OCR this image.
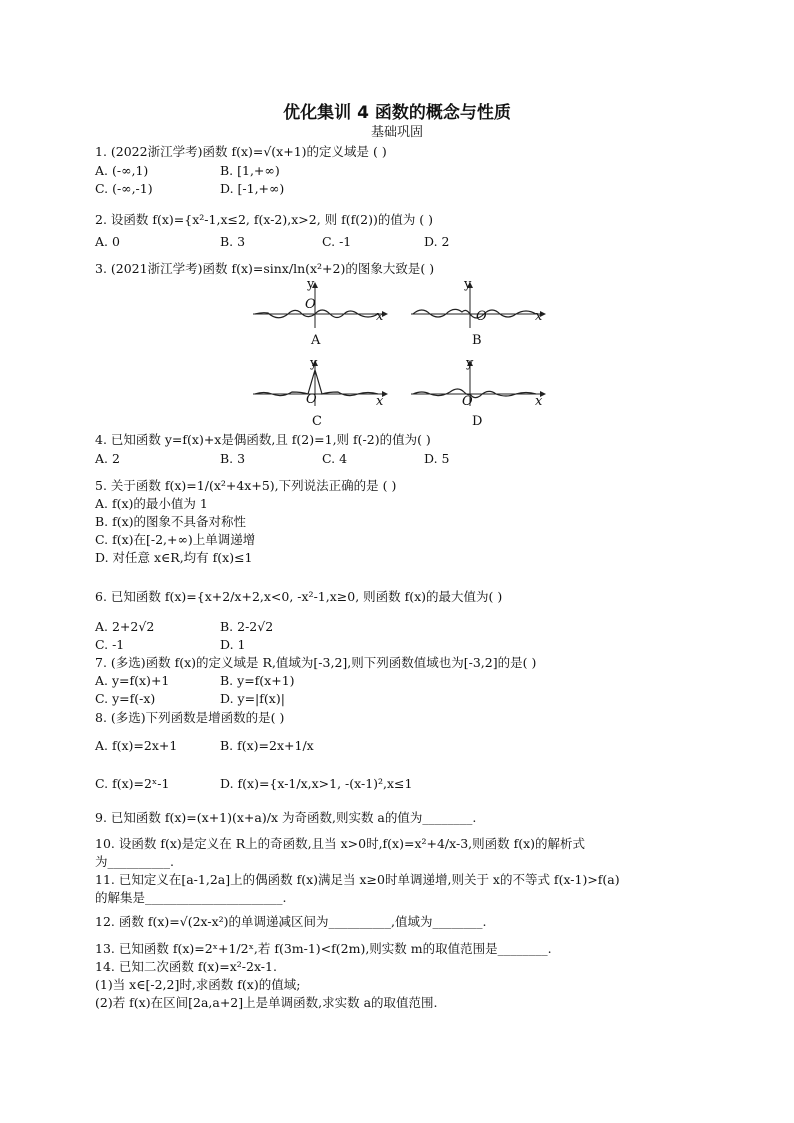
优化集训 4 函数的概念与性质
基础巩固
1. (2022浙江学考)函数 f(x)=√(x+1)的定义域是 ( )
A. (-∞,1)	B. [1,+∞)
C. (-∞,-1)	D. [-1,+∞)
2. 设函数 f(x)={x²-1,x≤2, f(x-2),x>2, 则 f(f(2))的值为 ( )
A. 0	B. 3	C. -1	D. 2
3. (2021浙江学考)函数 f(x)=sinx/ln(x²+2)的图象大致是( )
y
O
x
A
y
O	x
B
y
O	x
C
y
O	x
D
4. 已知函数 y=f(x)+x是偶函数,且 f(2)=1,则 f(-2)的值为( )
A. 2	B. 3	C. 4	D. 5
5. 关于函数 f(x)=1/(x²+4x+5),下列说法正确的是 ( )
A. f(x)的最小值为 1
B. f(x)的图象不具备对称性
C. f(x)在[-2,+∞)上单调递增
D. 对任意 x∈R,均有 f(x)≤1
6. 已知函数 f(x)={x+2/x+2,x<0, -x²-1,x≥0, 则函数 f(x)的最大值为( )
A. 2+2√2	B. 2-2√2
C. -1	D. 1
7. (多选)函数 f(x)的定义域是 R,值域为[-3,2],则下列函数值域也为[-3,2]的是( )
A. y=f(x)+1	B. y=f(x+1)
C. y=f(-x)	D. y=|f(x)|
8. (多选)下列函数是增函数的是( )
A. f(x)=2x+1	B. f(x)=2x+1/x
C. f(x)=2ˣ-1	D. f(x)={x-1/x,x>1, -(x-1)²,x≤1
9. 已知函数 f(x)=(x+1)(x+a)/x 为奇函数,则实数 a的值为________.
10. 设函数 f(x)是定义在 R上的奇函数,且当 x>0时,f(x)=x²+4/x-3,则函数 f(x)的解析式
为__________.
11. 已知定义在[a-1,2a]上的偶函数 f(x)满足当 x≥0时单调递增,则关于 x的不等式 f(x-1)>f(a)
的解集是______________________.
12. 函数 f(x)=√(2x-x²)的单调递减区间为__________,值域为________.
13. 已知函数 f(x)=2ˣ+1/2ˣ,若 f(3m-1)<f(2m),则实数 m的取值范围是________.
14. 已知二次函数 f(x)=x²-2x-1.
(1)当 x∈[-2,2]时,求函数 f(x)的值域;
(2)若 f(x)在区间[2a,a+2]上是单调函数,求实数 a的取值范围.
